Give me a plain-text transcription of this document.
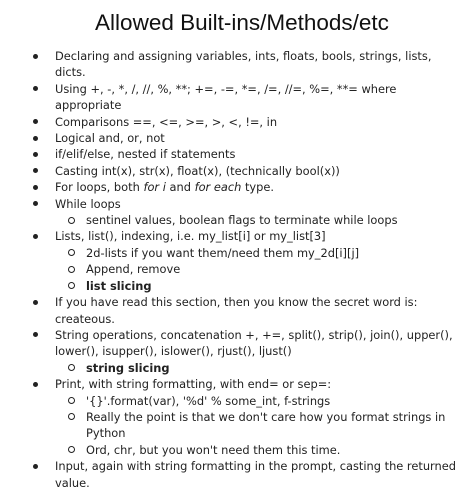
Allowed Built-ins/Methods/etc
Declaring and assigning variables, ints, floats, bools, strings, lists, dicts.
Using +, -, *, /, //, %, **; +=, -=, *=, /=, //=, %=, **= where appropriate
Comparisons ==, <=, >=, >, <, !=, in
Logical and, or, not
if/elif/else, nested if statements
Casting int(x), str(x), float(x), (technically bool(x))
For loops, both for i and for each type.
While loops
sentinel values, boolean flags to terminate while loops
Lists, list(), indexing, i.e. my_list[i] or my_list[3]
2d-lists if you want them/need them my_2d[i][j]
Append, remove
list slicing
If you have read this section, then you know the secret word is: createous.
String operations, concatenation +, +=, split(), strip(), join(), upper(), lower(), isupper(), islower(), rjust(), ljust()
string slicing
Print, with string formatting, with end= or sep=:
'{}'.format(var), '%d' % some_int, f-strings
Really the point is that we don't care how you format strings in Python
Ord, chr, but you won't need them this time.
Input, again with string formatting in the prompt, casting the returned value.
